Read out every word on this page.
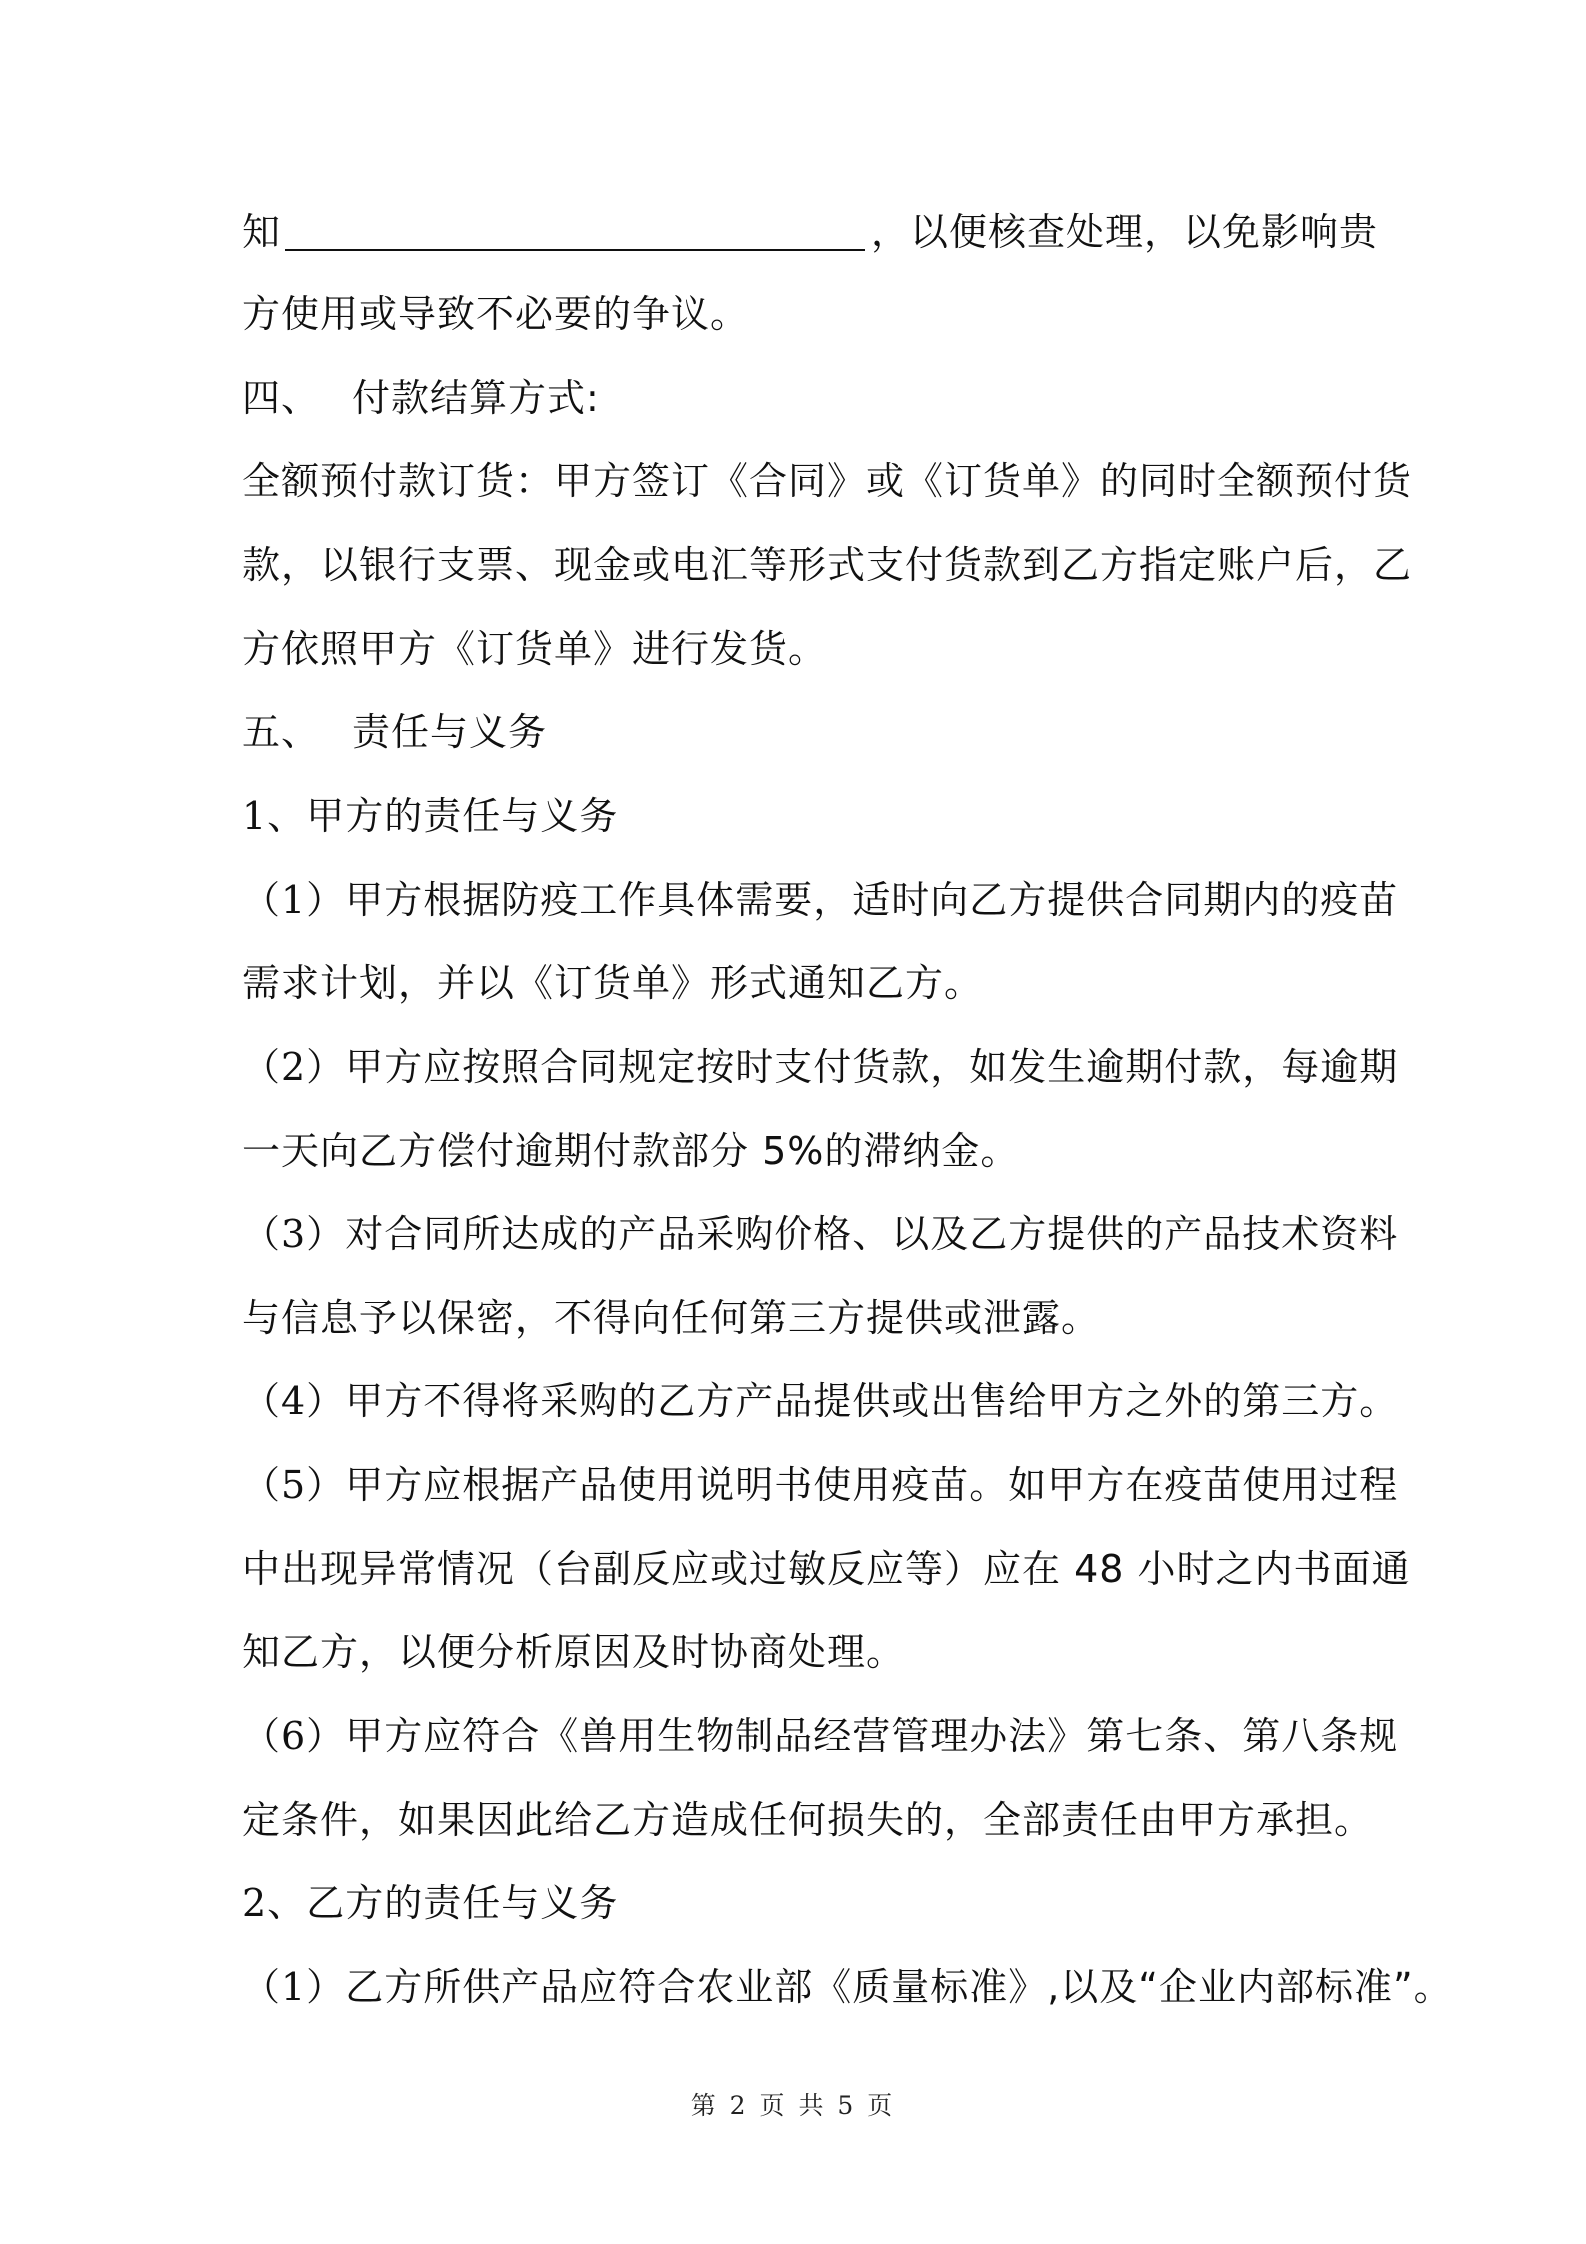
知	，以便核查处理，以免影响贵
方使用或导致不必要的争议。
四、 付款结算方式:
全额预付款订货：甲方签订《合同》或《订货单》的同时全额预付货
款，以银行支票、现金或电汇等形式支付货款到乙方指定账户后，乙
方依照甲方《订货单》进行发货。
五、 责任与义务
1、甲方的责任与义务
（1）甲方根据防疫工作具体需要，适时向乙方提供合同期内的疫苗
需求计划，并以《订货单》形式通知乙方。
（2）甲方应按照合同规定按时支付货款，如发生逾期付款，每逾期
一天向乙方偿付逾期付款部分 5%的滞纳金。
（3）对合同所达成的产品采购价格、以及乙方提供的产品技术资料
与信息予以保密，不得向任何第三方提供或泄露。
（4）甲方不得将采购的乙方产品提供或出售给甲方之外的第三方。
（5）甲方应根据产品使用说明书使用疫苗。如甲方在疫苗使用过程
中出现异常情况（台副反应或过敏反应等）应在 48 小时之内书面通
知乙方，以便分析原因及时协商处理。
（6）甲方应符合《兽用生物制品经营管理办法》第七条、第八条规
定条件，如果因此给乙方造成任何损失的，全部责任由甲方承担。
2、乙方的责任与义务
（1）乙方所供产品应符合农业部《质量标准》,以及“企业内部标准”。
第 2 页 共 5 页
